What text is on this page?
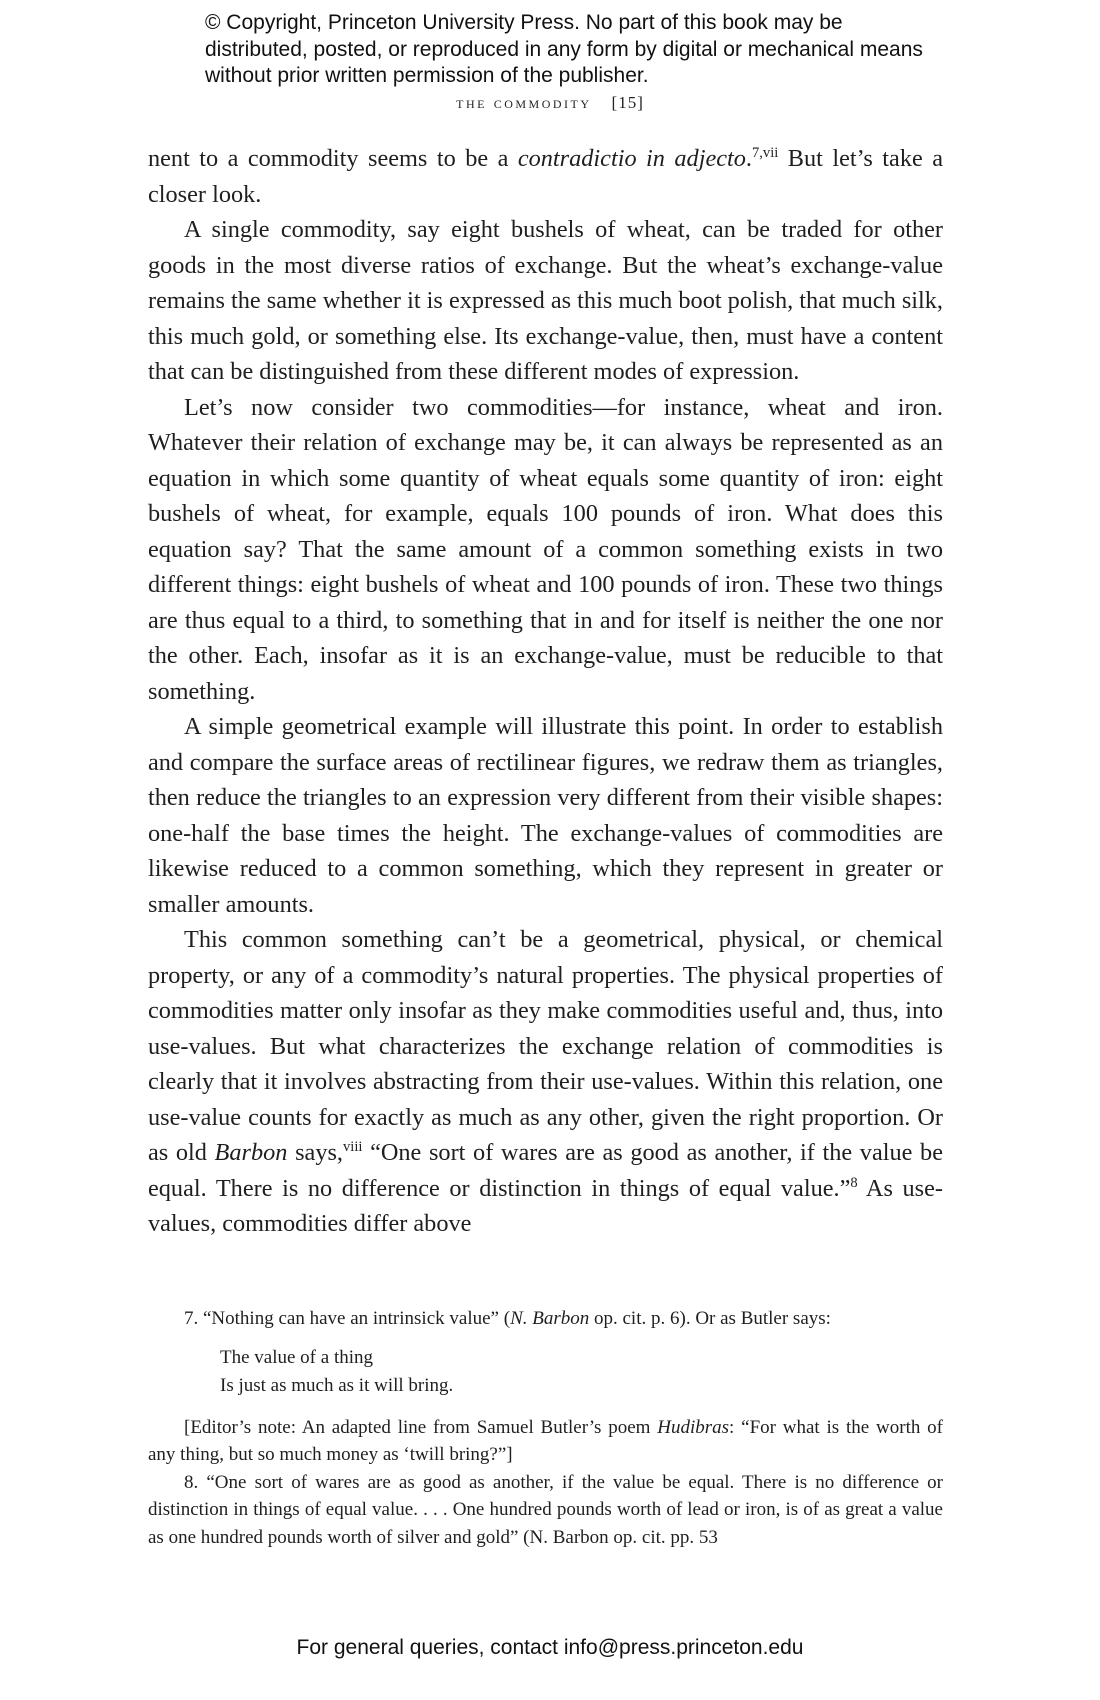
© Copyright, Princeton University Press. No part of this book may be distributed, posted, or reproduced in any form by digital or mechanical means without prior written permission of the publisher.
the commodity [15]

nent to a commodity seems to be a contradictio in adjecto.$^{7,vii}$ But let’s take a closer look.

A single commodity, say eight bushels of wheat, can be traded for other goods in the most diverse ratios of exchange. But the wheat’s exchange-value remains the same whether it is expressed as this much boot polish, that much silk, this much gold, or something else. Its exchange-value, then, must have a content that can be distinguished from these different modes of expression.

Let’s now consider two commodities—for instance, wheat and iron. Whatever their relation of exchange may be, it can always be represented as an equation in which some quantity of wheat equals some quantity of iron: eight bushels of wheat, for example, equals 100 pounds of iron. What does this equation say? That the same amount of a common something exists in two different things: eight bushels of wheat and 100 pounds of iron. These two things are thus equal to a third, to something that in and for itself is neither the one nor the other. Each, insofar as it is an exchange-value, must be reducible to that something.

A simple geometrical example will illustrate this point. In order to establish and compare the surface areas of rectilinear figures, we redraw them as triangles, then reduce the triangles to an expression very different from their visible shapes: one-half the base times the height. The exchange-values of commodities are likewise reduced to a common something, which they represent in greater or smaller amounts.

This common something can’t be a geometrical, physical, or chemical property, or any of a commodity’s natural properties. The physical properties of commodities matter only insofar as they make commodities useful and, thus, into use-values. But what characterizes the exchange relation of commodities is clearly that it involves abstracting from their use-values. Within this relation, one use-value counts for exactly as much as any other, given the right proportion. Or as old Barbon says,$^{viii}$ “One sort of wares are as good as another, if the value be equal. There is no difference or distinction in things of equal value.”$^8$ As use-values, commodities differ above

7. “Nothing can have an intrinsick value” (N. Barbon op. cit. p. 6). Or as Butler says:

The value of a thing
Is just as much as it will bring.

[Editor’s note: An adapted line from Samuel Butler’s poem Hudibras: “For what is the worth of any thing, but so much money as ‘twill bring?”]

8. “One sort of wares are as good as another, if the value be equal. There is no difference or distinction in things of equal value. . . . One hundred pounds worth of lead or iron, is of as great a value as one hundred pounds worth of silver and gold” (N. Barbon op. cit. pp. 53

For general queries, contact info@press.princeton.edu
